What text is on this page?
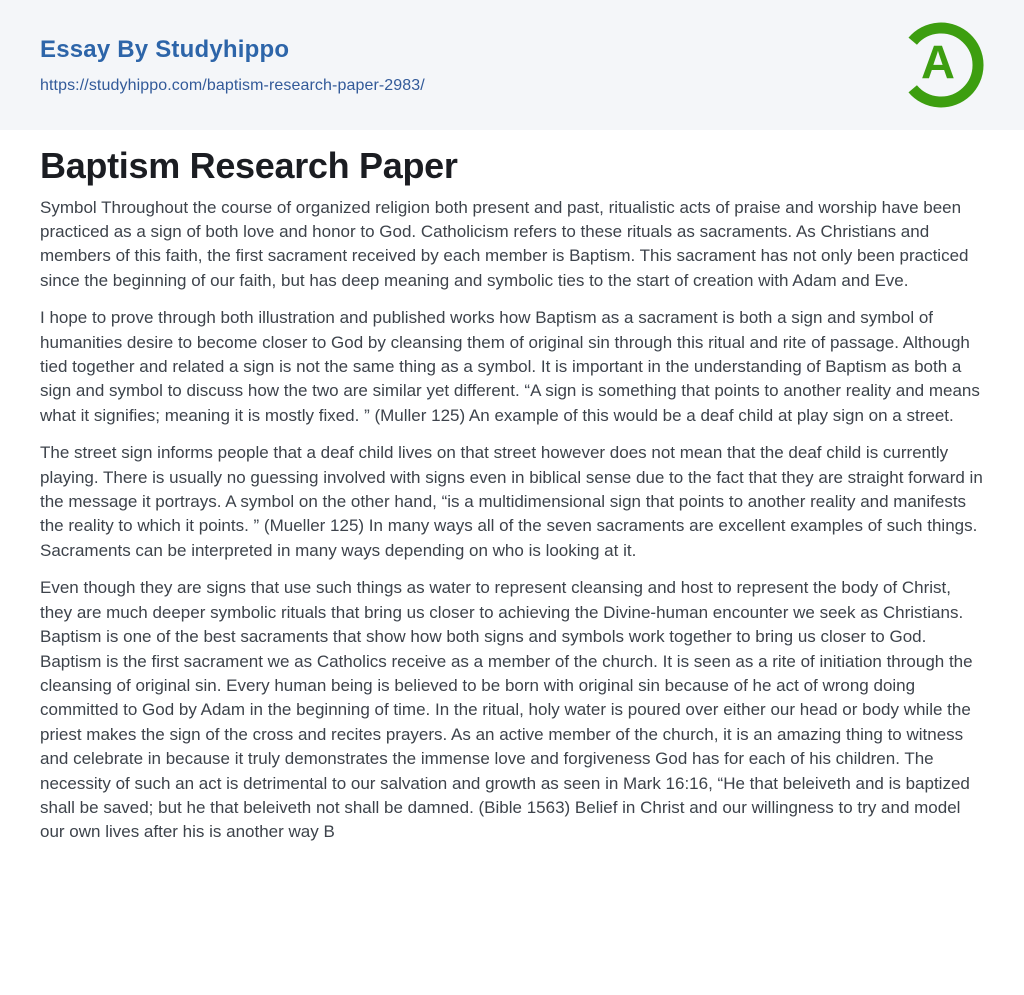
Essay By Studyhippo
https://studyhippo.com/baptism-research-paper-2983/	A
Baptism Research Paper

Symbol Throughout the course of organized religion both present and past, ritualistic acts of praise and worship have been practiced as a sign of both love and honor to God. Catholicism refers to these rituals as sacraments. As Christians and members of this faith, the first sacrament received by each member is Baptism. This sacrament has not only been practiced since the beginning of our faith, but has deep meaning and symbolic ties to the start of creation with Adam and Eve.

I hope to prove through both illustration and published works how Baptism as a sacrament is both a sign and symbol of humanities desire to become closer to God by cleansing them of original sin through this ritual and rite of passage. Although tied together and related a sign is not the same thing as a symbol. It is important in the understanding of Baptism as both a sign and symbol to discuss how the two are similar yet different. “A sign is something that points to another reality and means what it signifies; meaning it is mostly fixed. ” (Muller 125) An example of this would be a deaf child at play sign on a street.

The street sign informs people that a deaf child lives on that street however does not mean that the deaf child is currently playing. There is usually no guessing involved with signs even in biblical sense due to the fact that they are straight forward in the message it portrays. A symbol on the other hand, “is a multidimensional sign that points to another reality and manifests the reality to which it points. ” (Mueller 125) In many ways all of the seven sacraments are excellent examples of such things. Sacraments can be interpreted in many ways depending on who is looking at it.

Even though they are signs that use such things as water to represent cleansing and host to represent the body of Christ, they are much deeper symbolic rituals that bring us closer to achieving the Divine-human encounter we seek as Christians. Baptism is one of the best sacraments that show how both signs and symbols work together to bring us closer to God. Baptism is the first sacrament we as Catholics receive as a member of the church. It is seen as a rite of initiation through the cleansing of original sin. Every human being is believed to be born with original sin because of he act of wrong doing committed to God by Adam in the beginning of time. In the ritual, holy water is poured over either our head or body while the priest makes the sign of the cross and recites prayers. As an active member of the church, it is an amazing thing to witness and celebrate in because it truly demonstrates the immense love and forgiveness God has for each of his children. The necessity of such an act is detrimental to our salvation and growth as seen in Mark 16:16, “He that beleiveth and is baptized shall be saved; but he that beleiveth not shall be damned. (Bible 1563) Belief in Christ and our willingness to try and model our own lives after his is another way B
